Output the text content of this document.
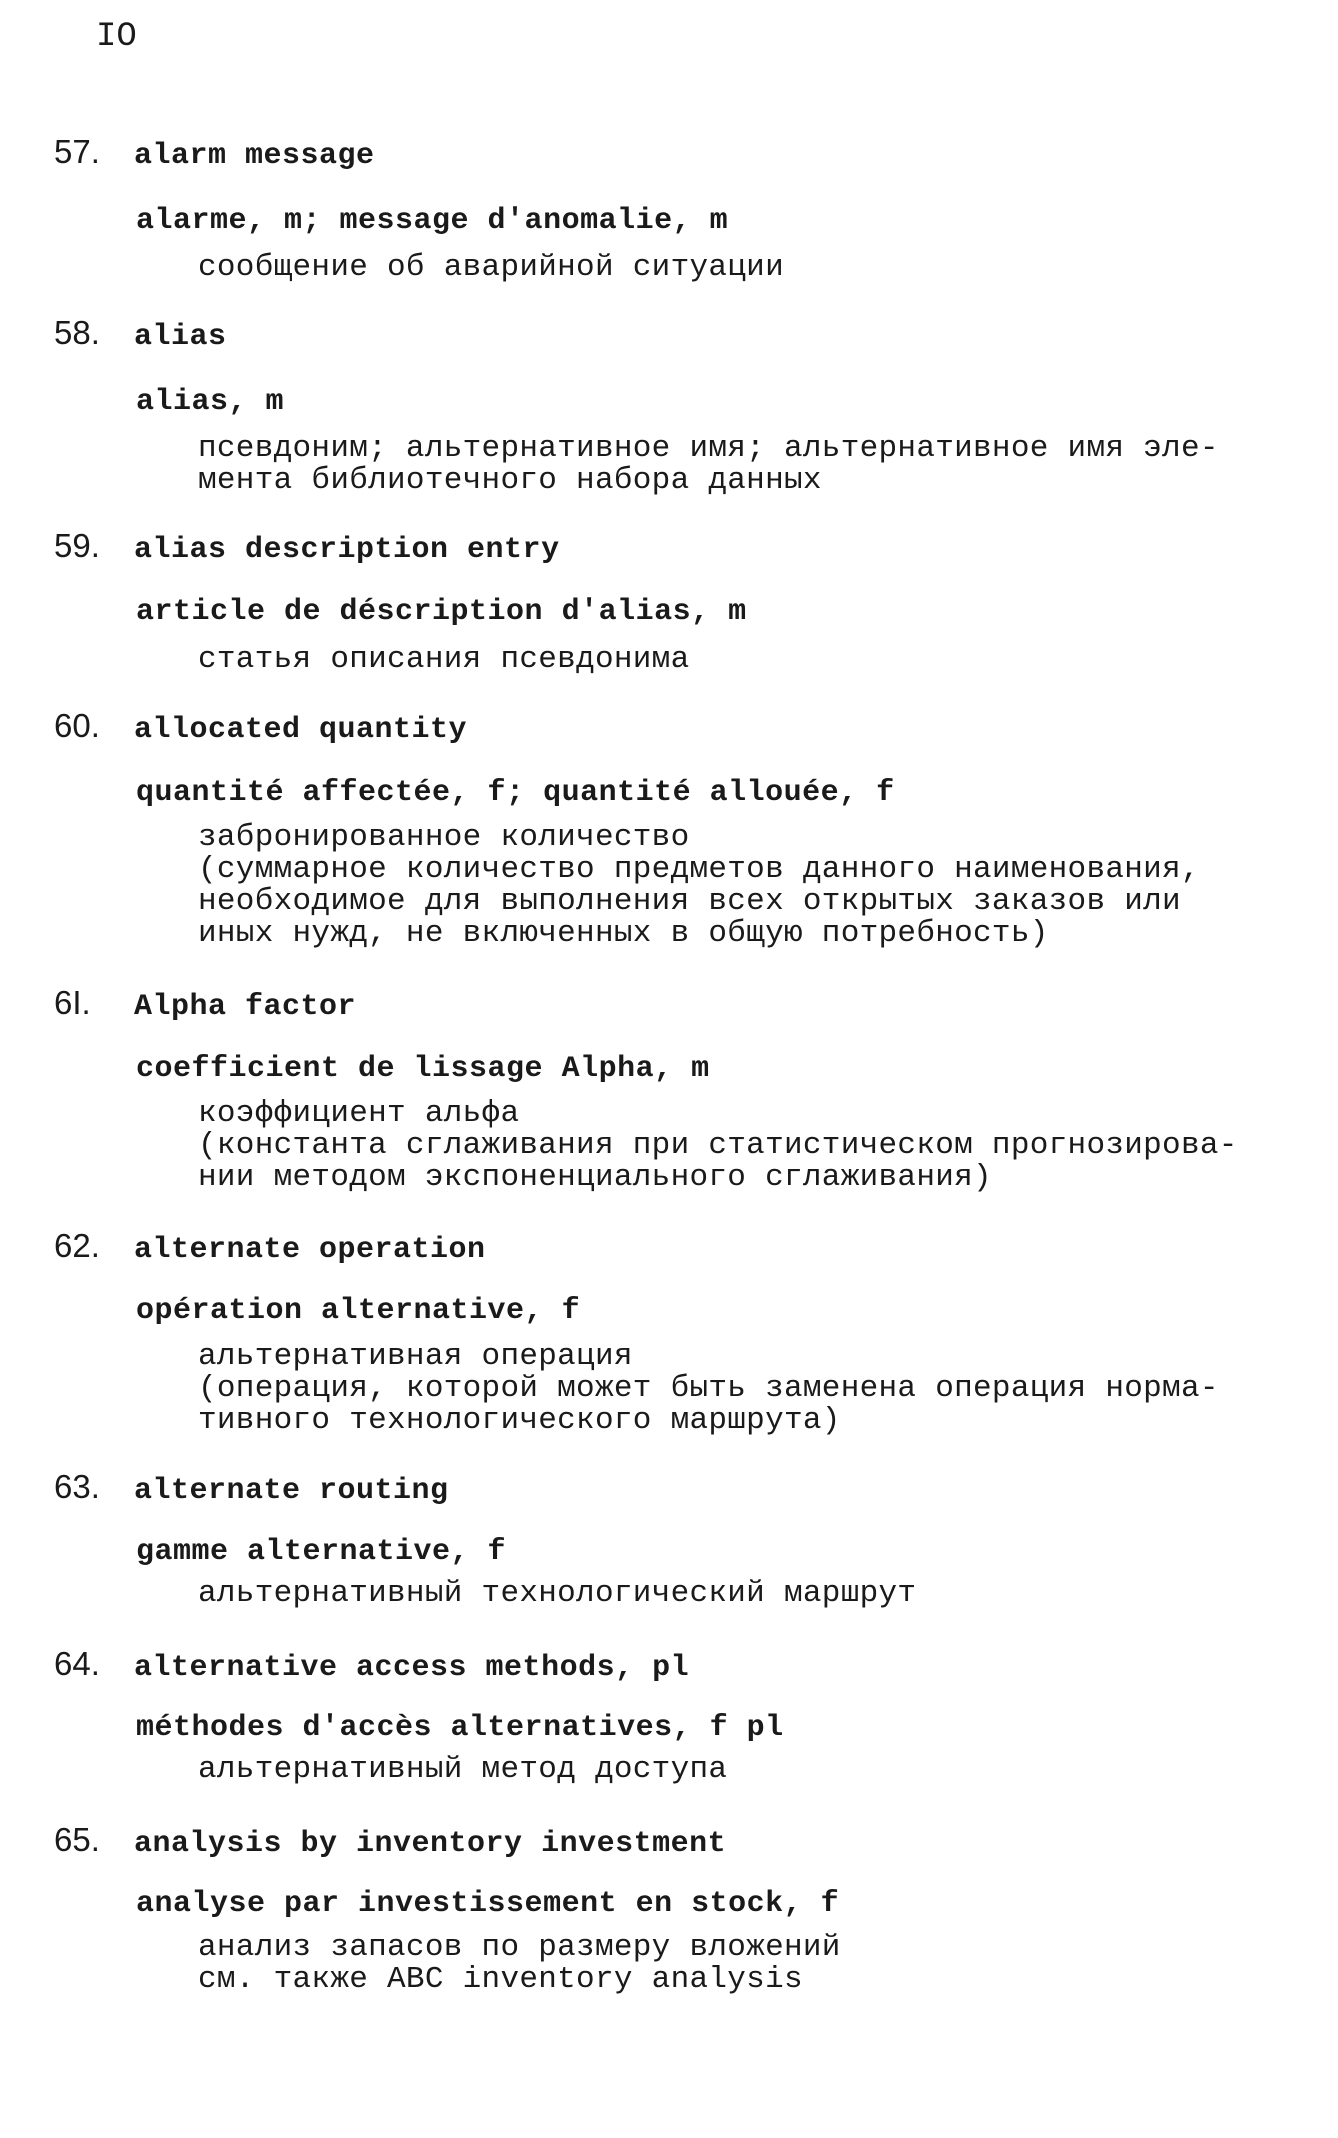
IO
57. alarm message
alarme, m; message d'anomalie, m
сообщение об аварийной ситуации
58. alias
alias, m
псевдоним; альтернативное имя; альтернативное имя эле-
мента библиотечного набора данных
59. alias description entry
article de déscription d'alias, m
статья описания псевдонима
60. allocated quantity
quantité affectée, f; quantité allouée, f
забронированное количество
(суммарное количество предметов данного наименования,
необходимое для выполнения всех открытых заказов или
иных нужд, не включенных в общую потребность)
6I. Alpha factor
coefficient de lissage Alpha, m
коэффициент альфа
(константа сглаживания при статистическом прогнозирова-
нии методом экспоненциального сглаживания)
62. alternate operation
opération alternative, f
альтернативная операция
(операция, которой может быть заменена операция норма-
тивного технологического маршрута)
63. alternate routing
gamme alternative, f
альтернативный технологический маршрут
64. alternative access methods, pl
méthodes d'accès alternatives, f pl
альтернативный метод доступа
65. analysis by inventory investment
analyse par investissement en stock, f
анализ запасов по размеру вложений
см. также ABC inventory analysis
